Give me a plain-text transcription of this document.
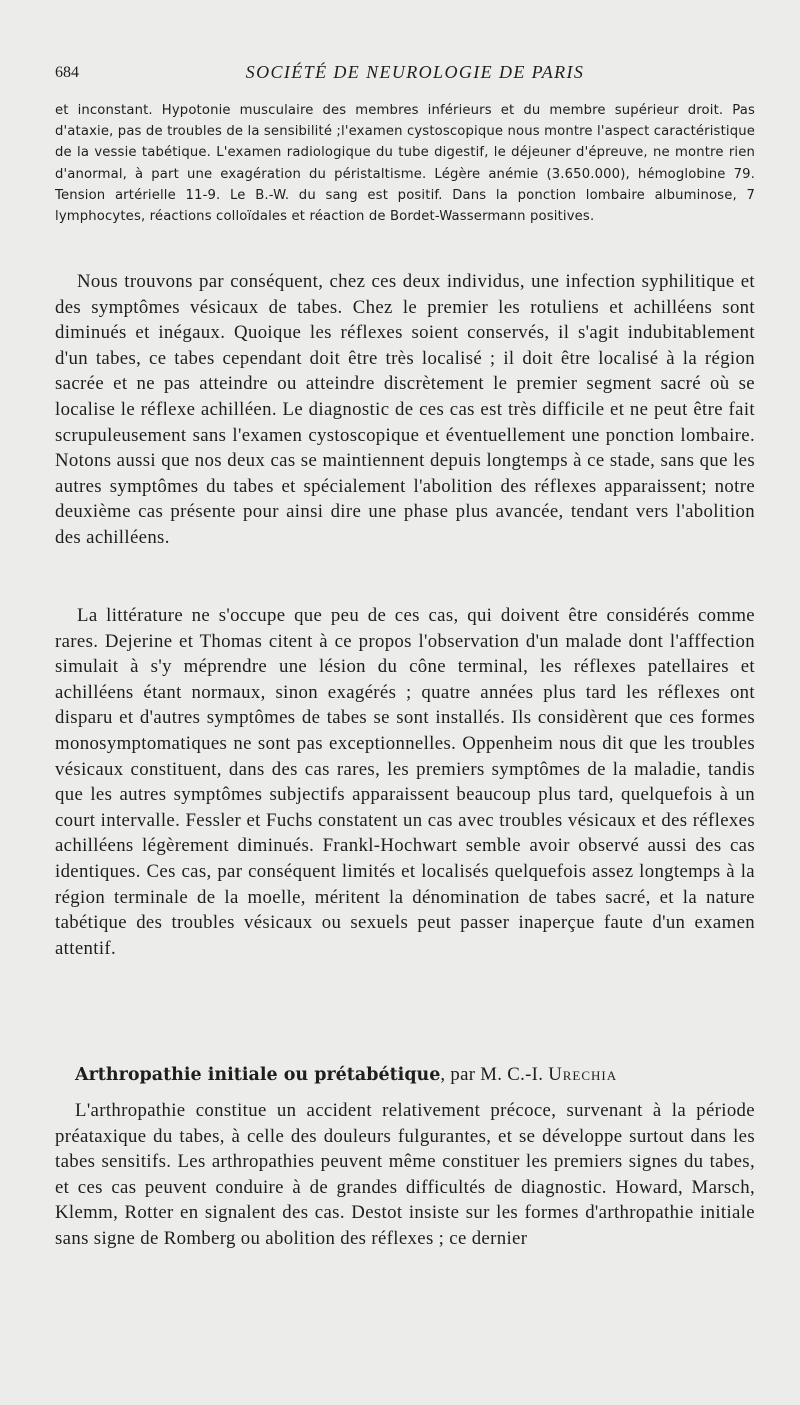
684	SOCIÉTÉ DE NEUROLOGIE DE PARIS

et inconstant. Hypotonie musculaire des membres inférieurs et du membre supérieur droit. Pas d'ataxie, pas de troubles de la sensibilité ;l'examen cystoscopique nous montre l'aspect caractéristique de la vessie tabétique. L'examen radiologique du tube digestif, le déjeuner d'épreuve, ne montre rien d'anormal, à part une exagération du péristaltisme. Légère anémie (3.650.000), hémoglobine 79. Tension artérielle 11-9. Le B.-W. du sang est positif. Dans la ponction lombaire albuminose, 7 lymphocytes, réactions colloïdales et réaction de Bordet-Wassermann positives.

Nous trouvons par conséquent, chez ces deux individus, une infection syphilitique et des symptômes vésicaux de tabes. Chez le premier les rotuliens et achilléens sont diminués et inégaux. Quoique les réflexes soient conservés, il s'agit indubitablement d'un tabes, ce tabes cependant doit être très localisé ; il doit être localisé à la région sacrée et ne pas atteindre ou atteindre discrètement le premier segment sacré où se localise le réflexe achilléen. Le diagnostic de ces cas est très difficile et ne peut être fait scrupuleusement sans l'examen cystoscopique et éventuellement une ponction lombaire. Notons aussi que nos deux cas se maintiennent depuis longtemps à ce stade, sans que les autres symptômes du tabes et spécialement l'abolition des réflexes apparaissent; notre deuxième cas présente pour ainsi dire une phase plus avancée, tendant vers l'abolition des achilléens.

La littérature ne s'occupe que peu de ces cas, qui doivent être considérés comme rares. Dejerine et Thomas citent à ce propos l'observation d'un malade dont l'afffection simulait à s'y méprendre une lésion du cône terminal, les réflexes patellaires et achilléens étant normaux, sinon exagérés ; quatre années plus tard les réflexes ont disparu et d'autres symptômes de tabes se sont installés. Ils considèrent que ces formes monosymptomatiques ne sont pas exceptionnelles. Oppenheim nous dit que les troubles vésicaux constituent, dans des cas rares, les premiers symptômes de la maladie, tandis que les autres symptômes subjectifs apparaissent beaucoup plus tard, quelquefois à un court intervalle. Fessler et Fuchs constatent un cas avec troubles vésicaux et des réflexes achilléens légèrement diminués. Frankl-Hochwart semble avoir observé aussi des cas identiques. Ces cas, par conséquent limités et localisés quelquefois assez longtemps à la région terminale de la moelle, méritent la dénomination de tabes sacré, et la nature tabétique des troubles vésicaux ou sexuels peut passer inaperçue faute d'un examen attentif.

Arthropathie initiale ou prétabétique, par M. C.-I. Urechia

L'arthropathie constitue un accident relativement précoce, survenant à la période préataxique du tabes, à celle des douleurs fulgurantes, et se développe surtout dans les tabes sensitifs. Les arthropathies peuvent même constituer les premiers signes du tabes, et ces cas peuvent conduire à de grandes difficultés de diagnostic. Howard, Marsch, Klemm, Rotter en signalent des cas. Destot insiste sur les formes d'arthropathie initiale sans signe de Romberg ou abolition des réflexes ; ce dernier
